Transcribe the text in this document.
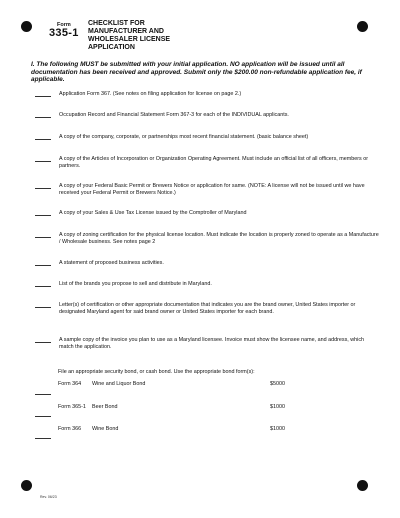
Form
335-1
CHECKLIST FOR
MANUFACTURER AND
WHOLESALER LICENSE
APPLICATION
I. The following MUST be submitted with your initial application. NO application will be issued until all documentation has been received and approved. Submit only the $200.00 non-refundable application fee, if applicable.
Application Form 367. (See notes on filing application for license on page 2.)
Occupation Record and Financial Statement Form 367-3 for each of the INDIVIDUAL applicants.
A copy of the company, corporate, or partnerships most recent financial statement. (basic balance sheet)
A copy of the Articles of Incorporation or Organization Operating Agreement. Must include an official list of all officers, members or partners.
A copy of your Federal Basic Permit or Brewers Notice or application for same. (NOTE: A license will not be issued until we have received your Federal Permit or Brewers Notice.)
A copy of your Sales & Use Tax License issued by the Comptroller of Maryland
A copy of zoning certification for the physical license location. Must indicate the location is properly zoned to operate as a Manufacture / Wholesale business. See notes page 2
A statement of proposed business activities.
List of the brands you propose to sell and distribute in Maryland.
Letter(s) of certification or other appropriate documentation that indicates you are the brand owner, United States importer or designated Maryland agent for said brand owner or United States importer for each brand.
A sample copy of the invoice you plan to use as a Maryland licensee. Invoice must show the licensee name, and address, which match the application.
File an appropriate security bond, or cash bond. Use the appropriate bond form(s):
Form 364 Wine and Liquor Bond	$5000
Form 365-1 Beer Bond	$1000
Form 366 Wine Bond	$1000
Rev. 06/23
